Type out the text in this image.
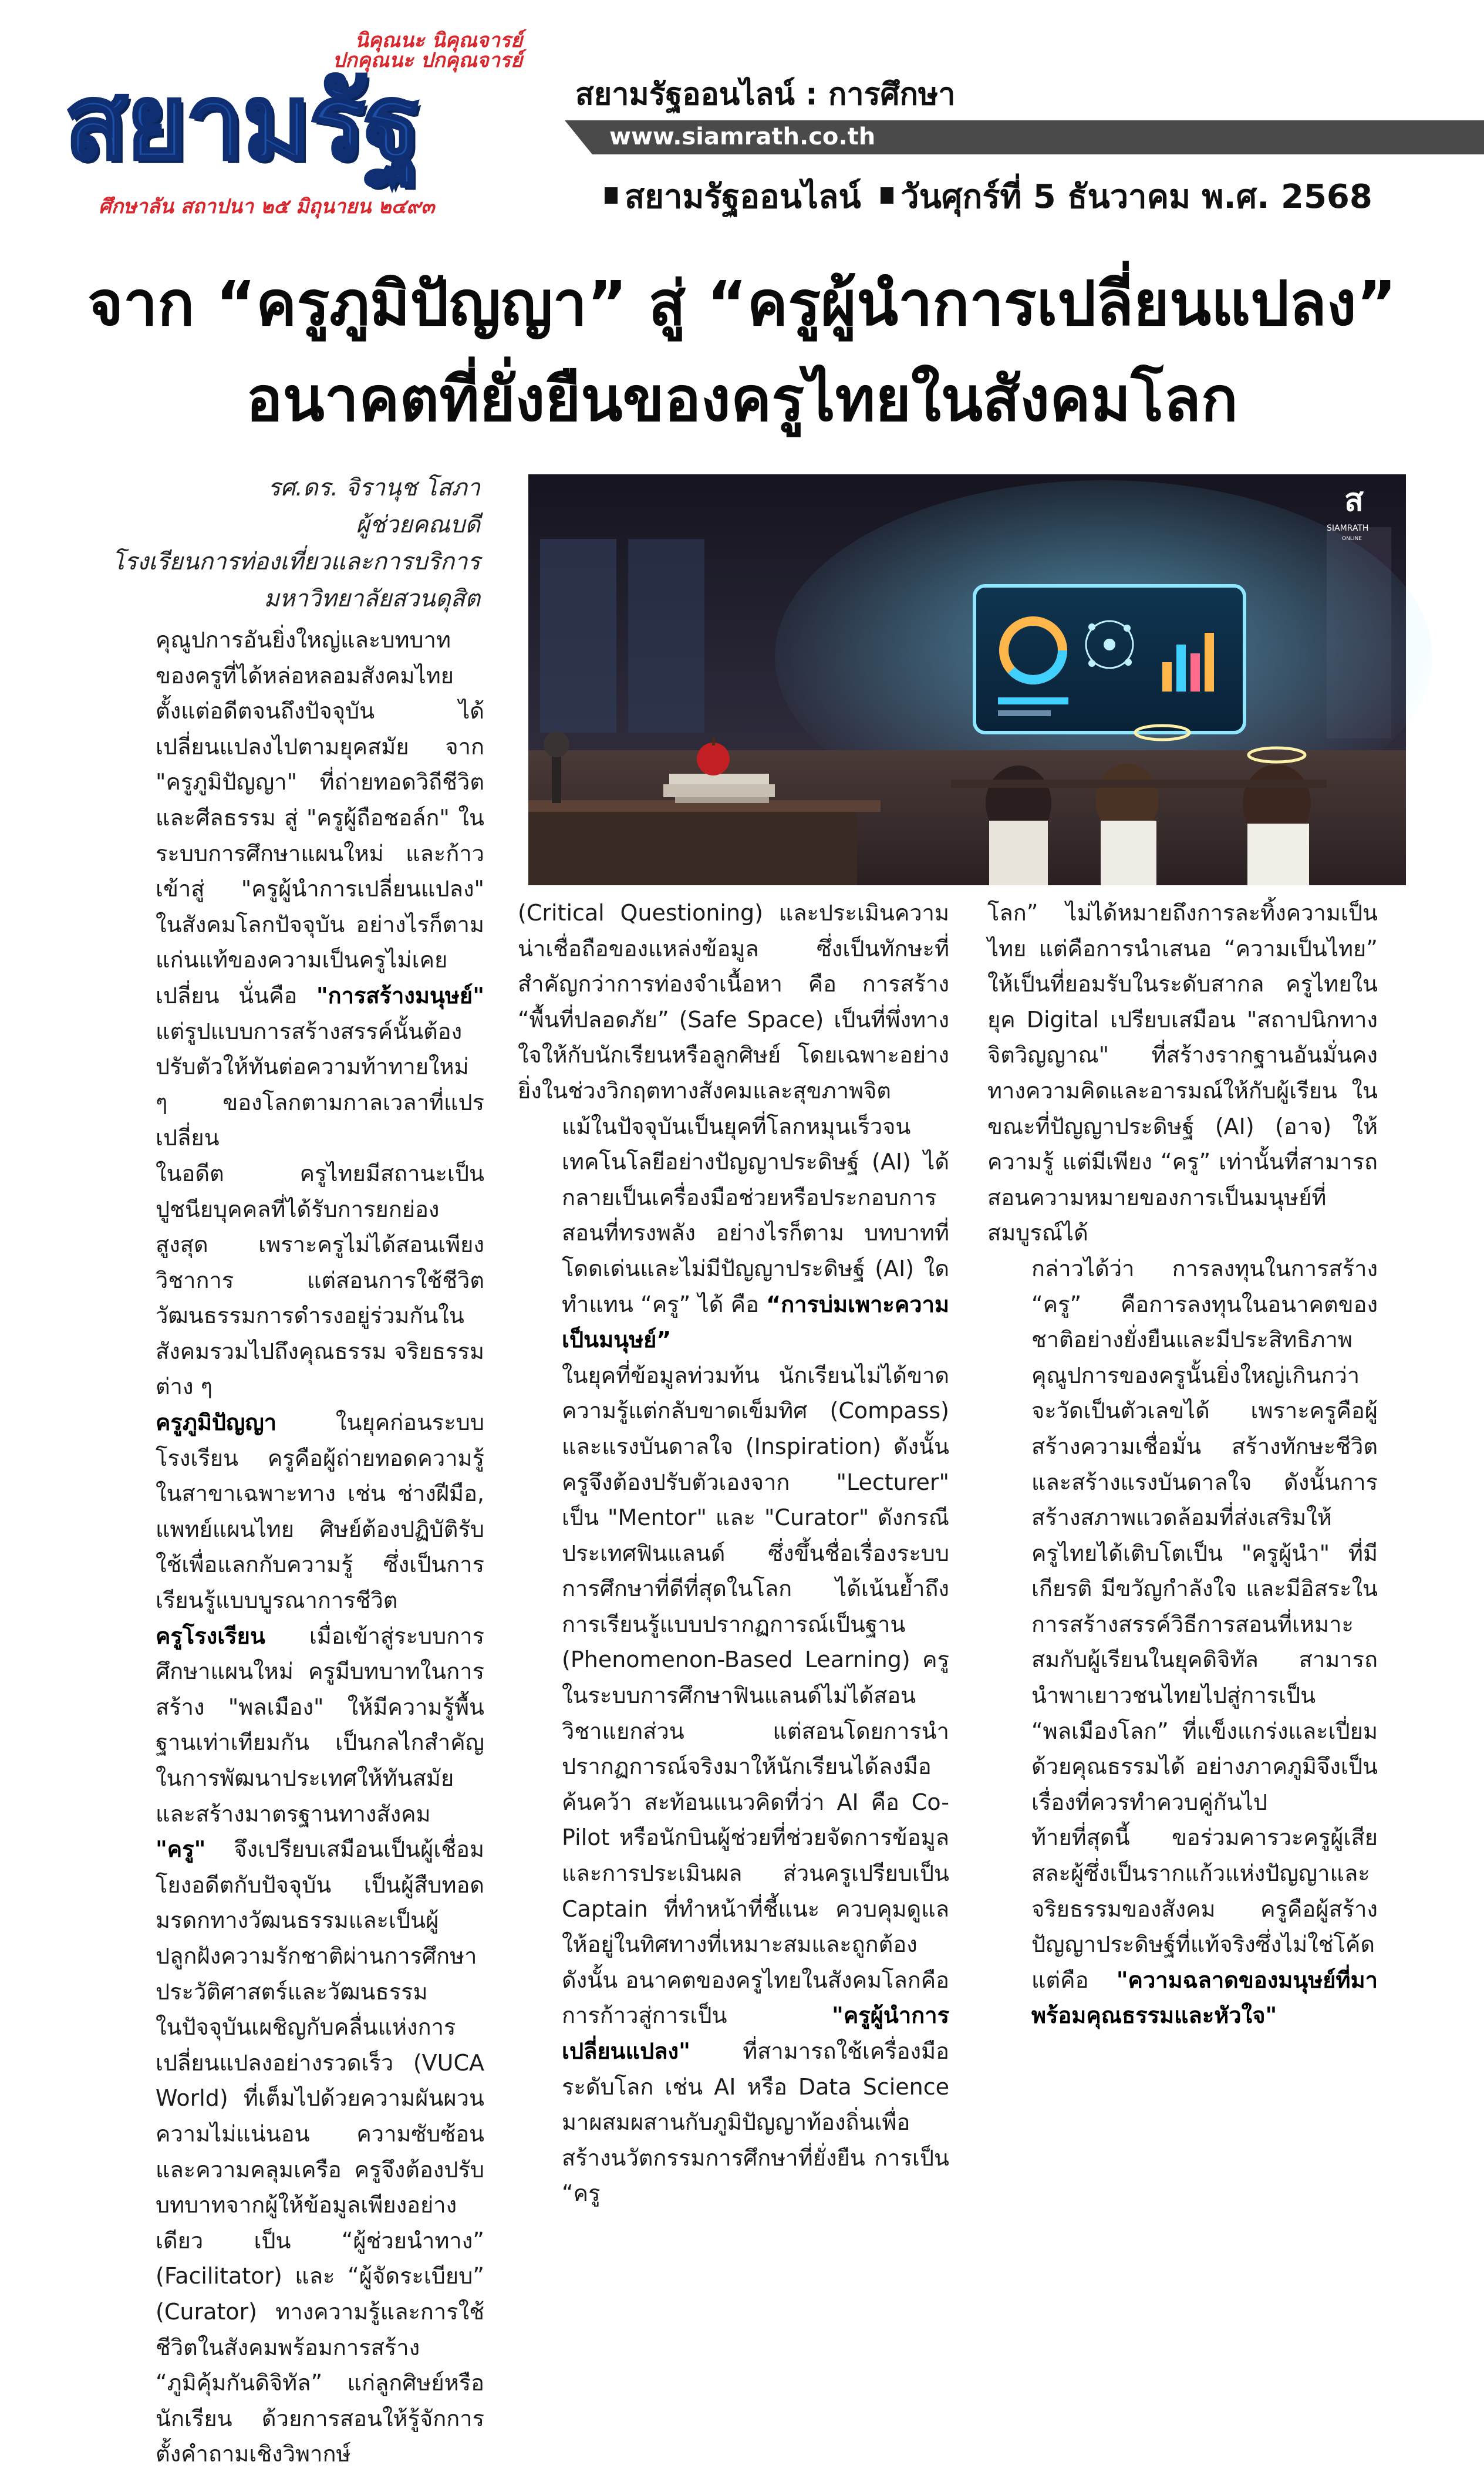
นิคุณนะ นิคุณจารย์
ปกคุณนะ ปกคุณจารย์
สยามรัฐ
ศึกษาลัน สถาปนา ๒๕ มิถุนายน ๒๔๙๓
สยามรัฐออนไลน์ : การศึกษา
www.siamrath.co.th
สยามรัฐออนไลน์ วันศุกร์ที่ 5 ธันวาคม พ.ศ. 2568
จาก “ครูภูมิปัญญา” สู่ “ครูผู้นำการเปลี่ยนแปลง”
อนาคตที่ยั่งยืนของครูไทยในสังคมโลก
รศ.ดร. จิรานุช โสภา
ผู้ช่วยคณบดี
โรงเรียนการท่องเที่ยวและการบริการ
มหาวิทยาลัยสวนดุสิต
ส
SIAMRATH
ONLINE

คุณูปการอันยิ่งใหญ่และบทบาทของครูที่ได้หล่อหลอมสังคมไทยตั้งแต่อดีตจนถึงปัจจุบัน ได้เปลี่ยนแปลงไปตามยุคสมัย จาก "ครูภูมิปัญญา" ที่ถ่ายทอดวิถีชีวิตและศีลธรรม สู่ "ครูผู้ถือชอล์ก" ในระบบการศึกษาแผนใหม่ และก้าวเข้าสู่ "ครูผู้นำการเปลี่ยนแปลง" ในสังคมโลกปัจจุบัน อย่างไรก็ตาม แก่นแท้ของความเป็นครูไม่เคยเปลี่ยน นั่นคือ "การสร้างมนุษย์" แต่รูปแบบการสร้างสรรค์นั้นต้องปรับตัวให้ทันต่อความท้าทายใหม่ ๆ ของโลกตามกาลเวลาที่แปรเปลี่ยน

ในอดีต ครูไทยมีสถานะเป็นปูชนียบุคคลที่ได้รับการยกย่องสูงสุด เพราะครูไม่ได้สอนเพียงวิชาการ แต่สอนการใช้ชีวิต วัฒนธรรมการดำรงอยู่ร่วมกันในสังคมรวมไปถึงคุณธรรม จริยธรรมต่าง ๆ

ครูภูมิปัญญา ในยุคก่อนระบบโรงเรียน ครูคือผู้ถ่ายทอดความรู้ในสาขาเฉพาะทาง เช่น ช่างฝีมือ, แพทย์แผนไทย ศิษย์ต้องปฏิบัติรับใช้เพื่อแลกกับความรู้ ซึ่งเป็นการเรียนรู้แบบบูรณาการชีวิต

ครูโรงเรียน เมื่อเข้าสู่ระบบการศึกษาแผนใหม่ ครูมีบทบาทในการสร้าง "พลเมือง" ให้มีความรู้พื้นฐานเท่าเทียมกัน เป็นกลไกสำคัญในการพัฒนาประเทศให้ทันสมัย และสร้างมาตรฐานทางสังคม

"ครู" จึงเปรียบเสมือนเป็นผู้เชื่อมโยงอดีตกับปัจจุบัน เป็นผู้สืบทอดมรดกทางวัฒนธรรมและเป็นผู้ ปลูกฝังความรักชาติผ่านการศึกษาประวัติศาสตร์และวัฒนธรรม

ในปัจจุบันเผชิญกับคลื่นแห่งการเปลี่ยนแปลงอย่างรวดเร็ว (VUCA World) ที่เต็มไปด้วยความผันผวน ความไม่แน่นอน ความซับซ้อนและความคลุมเครือ ครูจึงต้องปรับบทบาทจากผู้ให้ข้อมูลเพียงอย่างเดียว เป็น “ผู้ช่วยนำทาง” (Facilitator) และ “ผู้จัดระเบียบ” (Curator) ทางความรู้และการใช้ชีวิตในสังคมพร้อมการสร้าง “ภูมิคุ้มกันดิจิทัล” แก่ลูกศิษย์หรือนักเรียน ด้วยการสอนให้รู้จักการตั้งคำถามเชิงวิพากษ์

(Critical Questioning) และประเมินความน่าเชื่อถือของแหล่งข้อมูล ซึ่งเป็นทักษะที่สำคัญกว่าการท่องจำเนื้อหา คือ การสร้าง “พื้นที่ปลอดภัย” (Safe Space) เป็นที่พึ่งทางใจให้กับนักเรียนหรือลูกศิษย์ โดยเฉพาะอย่างยิ่งในช่วงวิกฤตทางสังคมและสุขภาพจิต

แม้ในปัจจุบันเป็นยุคที่โลกหมุนเร็วจนเทคโนโลยีอย่างปัญญาประดิษฐ์ (AI) ได้กลายเป็นเครื่องมือช่วยหรือประกอบการสอนที่ทรงพลัง อย่างไรก็ตาม บทบาทที่โดดเด่นและไม่มีปัญญาประดิษฐ์ (AI) ใดทำแทน “ครู” ได้ คือ “การบ่มเพาะความเป็นมนุษย์”

ในยุคที่ข้อมูลท่วมท้น นักเรียนไม่ได้ขาดความรู้แต่กลับขาดเข็มทิศ (Compass) และแรงบันดาลใจ (Inspiration) ดังนั้น ครูจึงต้องปรับตัวเองจาก "Lecturer" เป็น "Mentor" และ "Curator" ดังกรณี ประเทศฟินแลนด์ ซึ่งขึ้นชื่อเรื่องระบบการศึกษาที่ดีที่สุดในโลก ได้เน้นย้ำถึงการเรียนรู้แบบปรากฏการณ์เป็นฐาน (Phenomenon-Based Learning) ครูในระบบการศึกษาฟินแลนด์ไม่ได้สอนวิชาแยกส่วน แต่สอนโดยการนำปรากฏการณ์จริงมาให้นักเรียนได้ลงมือค้นคว้า สะท้อนแนวคิดที่ว่า AI คือ Co-Pilot หรือนักบินผู้ช่วยที่ช่วยจัดการข้อมูลและการประเมินผล ส่วนครูเปรียบเป็น Captain ที่ทำหน้าที่ชี้แนะ ควบคุมดูแลให้อยู่ในทิศทางที่เหมาะสมและถูกต้อง

ดังนั้น อนาคตของครูไทยในสังคมโลกคือการก้าวสู่การเป็น "ครูผู้นำการเปลี่ยนแปลง" ที่สามารถใช้เครื่องมือระดับโลก เช่น AI หรือ Data Science มาผสมผสานกับภูมิปัญญาท้องถิ่นเพื่อสร้างนวัตกรรมการศึกษาที่ยั่งยืน การเป็น “ครู

โลก” ไม่ได้หมายถึงการละทิ้งความเป็นไทย แต่คือการนำเสนอ “ความเป็นไทย” ให้เป็นที่ยอมรับในระดับสากล ครูไทยในยุค Digital เปรียบเสมือน "สถาปนิกทางจิตวิญญาณ" ที่สร้างรากฐานอันมั่นคงทางความคิดและอารมณ์ให้กับผู้เรียน ในขณะที่ปัญญาประดิษฐ์ (AI) (อาจ) ให้ความรู้ แต่มีเพียง “ครู” เท่านั้นที่สามารถสอนความหมายของการเป็นมนุษย์ที่สมบูรณ์ได้

กล่าวได้ว่า การลงทุนในการสร้าง “ครู” คือการลงทุนในอนาคตของชาติอย่างยั่งยืนและมีประสิทธิภาพคุณูปการของครูนั้นยิ่งใหญ่เกินกว่าจะวัดเป็นตัวเลขได้ เพราะครูคือผู้สร้างความเชื่อมั่น สร้างทักษะชีวิตและสร้างแรงบันดาลใจ ดังนั้นการสร้างสภาพแวดล้อมที่ส่งเสริมให้ครูไทยได้เติบโตเป็น "ครูผู้นำ" ที่มีเกียรติ มีขวัญกำลังใจ และมีอิสระในการสร้างสรรค์วิธีการสอนที่เหมาะสมกับผู้เรียนในยุคดิจิทัล สามารถนำพาเยาวชนไทยไปสู่การเป็น “พลเมืองโลก” ที่แข็งแกร่งและเปี่ยมด้วยคุณธรรมได้ อย่างภาคภูมิจึงเป็นเรื่องที่ควรทำควบคู่กันไป

ท้ายที่สุดนี้ ขอร่วมคารวะครูผู้เสียสละผู้ซึ่งเป็นรากแก้วแห่งปัญญาและจริยธรรมของสังคม ครูคือผู้สร้างปัญญาประดิษฐ์ที่แท้จริงซึ่งไม่ใช่โค้ด แต่คือ "ความฉลาดของมนุษย์ที่มาพร้อมคุณธรรมและหัวใจ"
